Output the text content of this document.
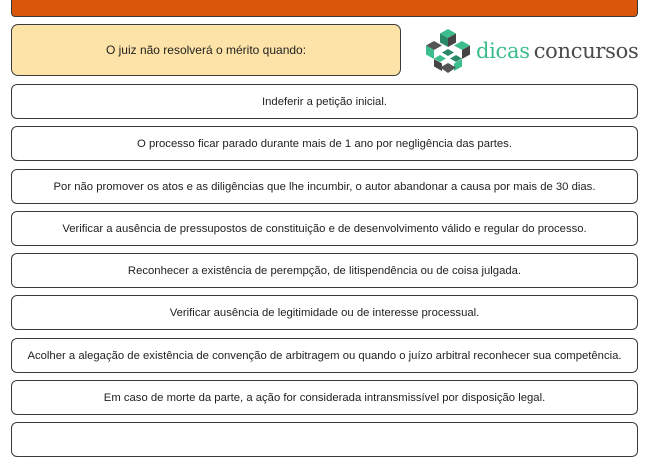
O juiz não resolverá o mérito quando:	dicas concursos
Indeferir a petição inicial.
O processo ficar parado durante mais de 1 ano por negligência das partes.
Por não promover os atos e as diligências que lhe incumbir, o autor abandonar a causa por mais de 30 dias.
Verificar a ausência de pressupostos de constituição e de desenvolvimento válido e regular do processo.
Reconhecer a existência de perempção, de litispendência ou de coisa julgada.
Verificar ausência de legitimidade ou de interesse processual.
Acolher a alegação de existência de convenção de arbitragem ou quando o juízo arbitral reconhecer sua competência.
Em caso de morte da parte, a ação for considerada intransmissível por disposição legal.
